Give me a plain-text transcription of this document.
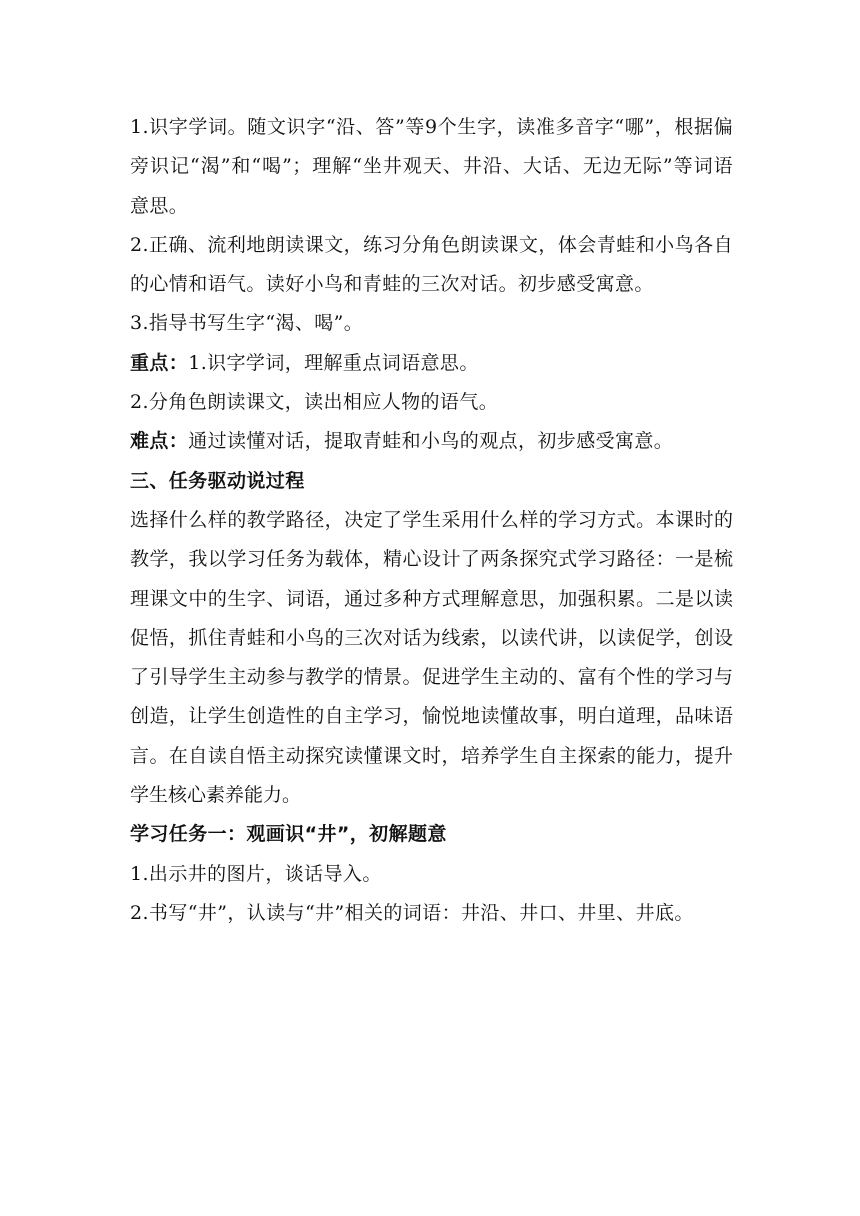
1.识字学词。随文识字“沿、答”等9个生字，读准多音字“哪”，根据偏旁识记“渴”和“喝”；理解“坐井观天、井沿、大话、无边无际”等词语意思。

2.正确、流利地朗读课文，练习分角色朗读课文，体会青蛙和小鸟各自的心情和语气。读好小鸟和青蛙的三次对话。初步感受寓意。

3.指导书写生字“渴、喝”。

重点：1.识字学词，理解重点词语意思。

2.分角色朗读课文，读出相应人物的语气。

难点：通过读懂对话，提取青蛙和小鸟的观点，初步感受寓意。

三、任务驱动说过程

选择什么样的教学路径，决定了学生采用什么样的学习方式。本课时的教学，我以学习任务为载体，精心设计了两条探究式学习路径：一是梳理课文中的生字、词语，通过多种方式理解意思，加强积累。二是以读促悟，抓住青蛙和小鸟的三次对话为线索，以读代讲，以读促学，创设了引导学生主动参与教学的情景。促进学生主动的、富有个性的学习与创造，让学生创造性的自主学习，愉悦地读懂故事，明白道理，品味语言。在自读自悟主动探究读懂课文时，培养学生自主探索的能力，提升学生核心素养能力。

学习任务一：观画识“井”，初解题意

1.出示井的图片，谈话导入。

2.书写“井”，认读与“井”相关的词语：井沿、井口、井里、井底。
